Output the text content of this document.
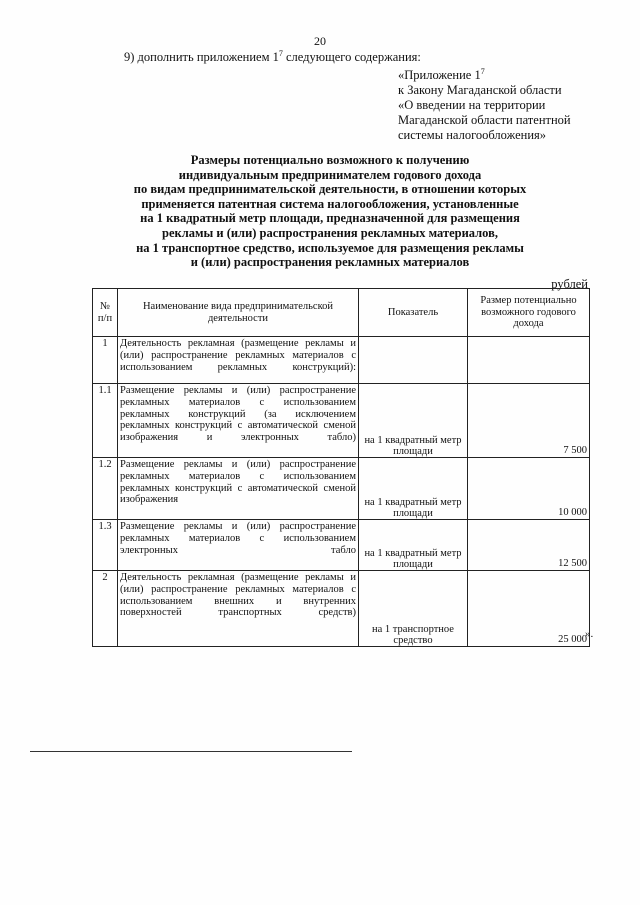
20
9) дополнить приложением $1^7$ следующего содержания:
«Приложение $1^7$
к Закону Магаданской области
«О введении на территории
Магаданской области патентной
системы налогообложения»
Размеры потенциально возможного к получению
индивидуальным предпринимателем годового дохода
по видам предпринимательской деятельности, в отношении которых
применяется патентная система налогообложения, установленные
на 1 квадратный метр площади, предназначенной для размещения
рекламы и (или) распространения рекламных материалов,
на 1 транспортное средство, используемое для размещения рекламы
и (или) распространения рекламных материалов
рублей
№ п/п	Наименование вида предпринимательской деятельности	Показатель	Размер потенциально возможного годового дохода
1	Деятельность рекламная (размещение рекламы и (или) распространение рекламных материалов с использованием рекламных конструкций):		
1.1	Размещение рекламы и (или) распространение рекламных материалов с использованием рекламных конструкций (за исключением рекламных конструкций с автоматической сменой изображения и электронных табло)	на 1 квадратный метр площади	7 500
1.2	Размещение рекламы и (или) распространение рекламных материалов с использованием рекламных конструкций с автоматической сменой изображения	на 1 квадратный метр площади	10 000
1.3	Размещение рекламы и (или) распространение рекламных материалов с использованием электронных табло	на 1 квадратный метр площади	12 500
2	Деятельность рекламная (размещение рекламы и (или) распространение рекламных материалов с использованием внешних и внутренних поверхностей транспортных средств)	на 1 транспортное средство	25 000
».
